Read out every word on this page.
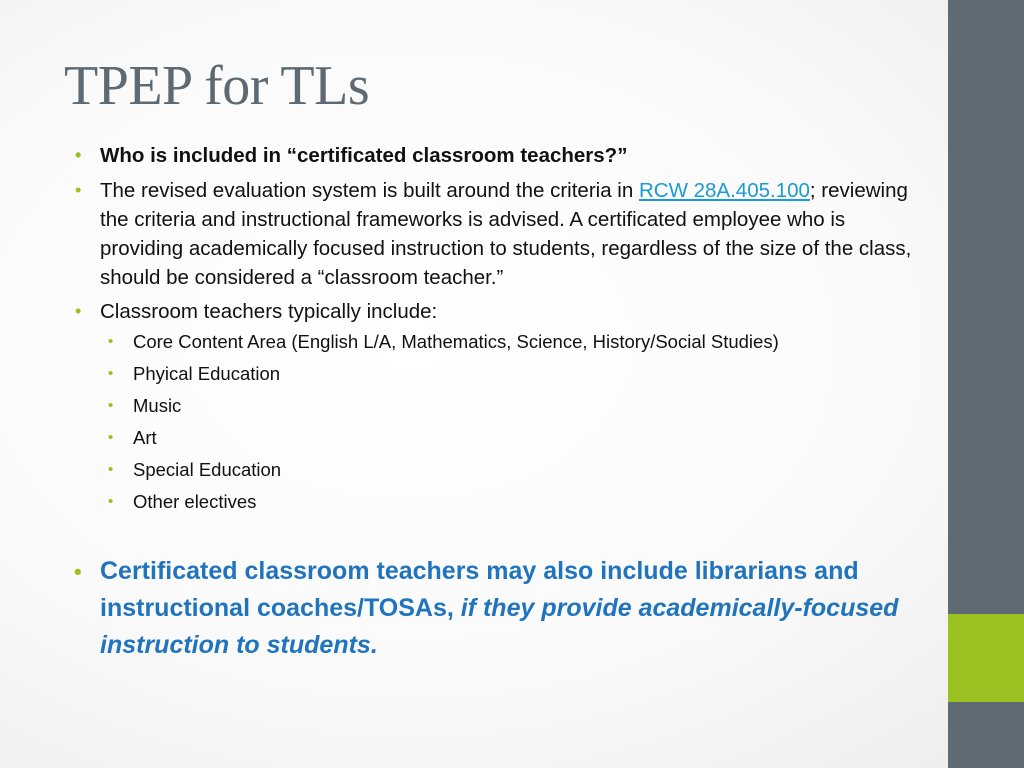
TPEP for TLs
• Who is included in “certificated classroom teachers?”
• The revised evaluation system is built around the criteria in RCW 28A.405.100; reviewing the criteria and instructional frameworks is advised. A certificated employee who is providing academically focused instruction to students, regardless of the size of the class, should be considered a “classroom teacher.”
• Classroom teachers typically include:
• Core Content Area (English L/A, Mathematics, Science, History/Social Studies)
• Phyical Education
• Music
• Art
• Special Education
• Other electives
• Certificated classroom teachers may also include librarians and instructional coaches/TOSAs, if they provide academically-focused instruction to students.
